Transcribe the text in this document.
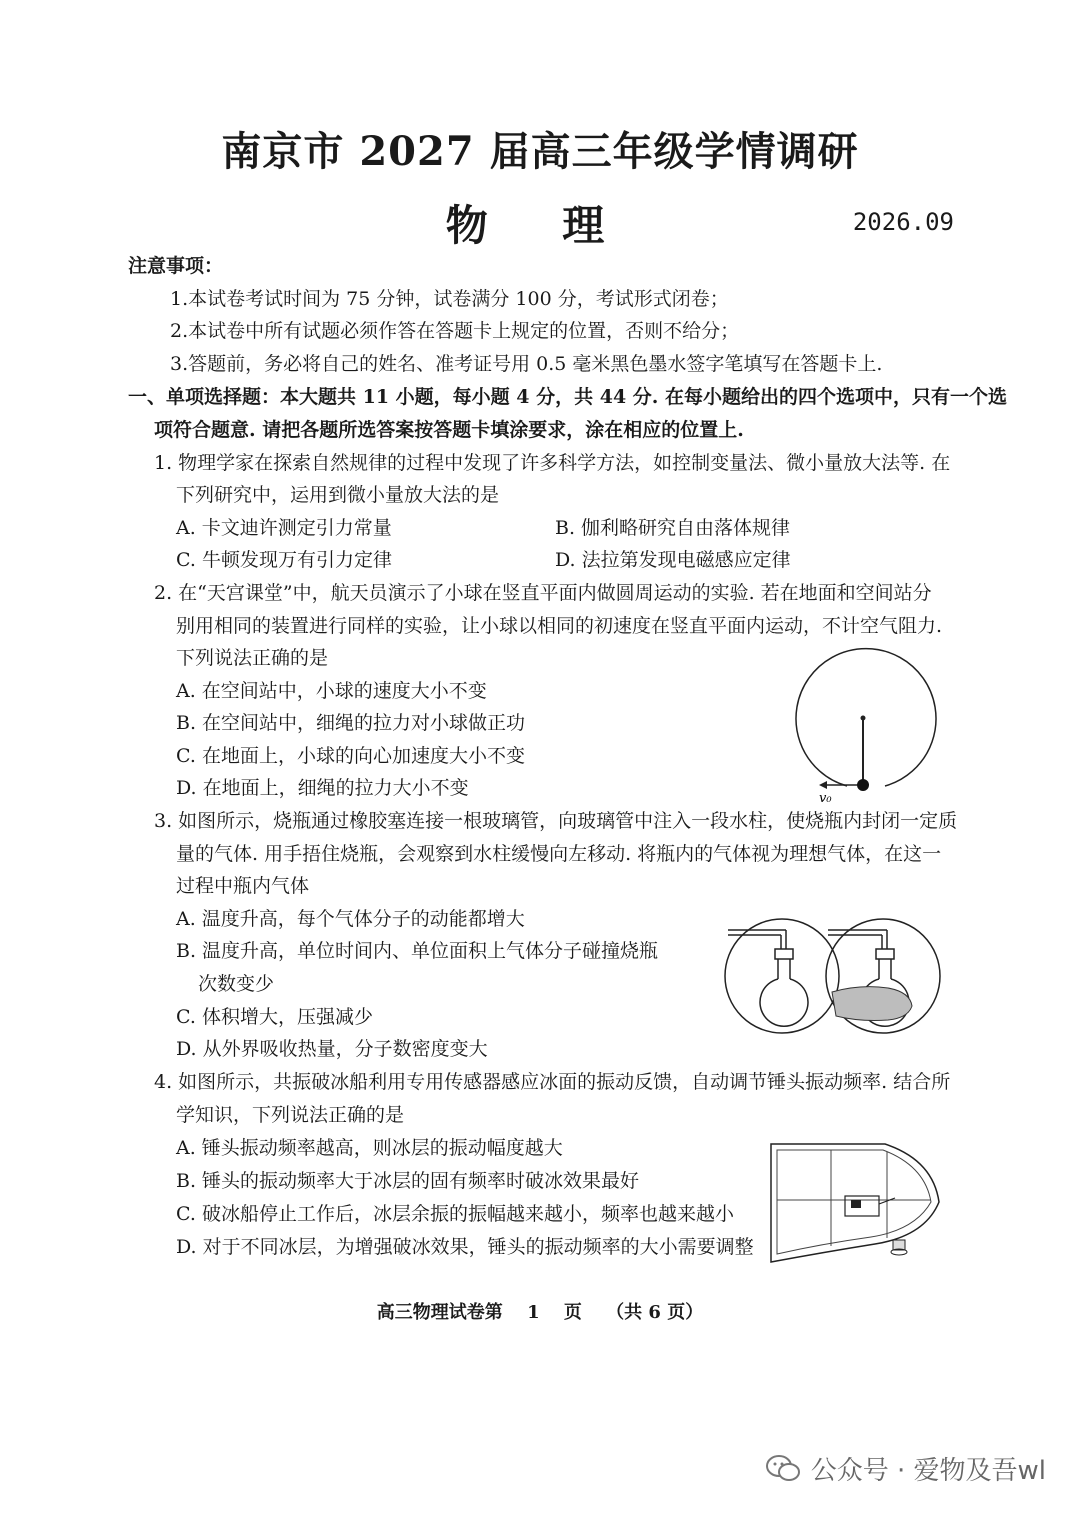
南京市 2027 届高三年级学情调研
物 理	2026.09
注意事项：
1.本试卷考试时间为 75 分钟，试卷满分 100 分，考试形式闭卷；
2.本试卷中所有试题必须作答在答题卡上规定的位置，否则不给分；
3.答题前，务必将自己的姓名、准考证号用 0.5 毫米黑色墨水签字笔填写在答题卡上.
一、单项选择题：本大题共 11 小题，每小题 4 分，共 44 分. 在每小题给出的四个选项中，只有一个选
项符合题意. 请把各题所选答案按答题卡填涂要求，涂在相应的位置上.
1. 物理学家在探索自然规律的过程中发现了许多科学方法，如控制变量法、微小量放大法等. 在
下列研究中，运用到微小量放大法的是
A. 卡文迪许测定引力常量	B. 伽利略研究自由落体规律
C. 牛顿发现万有引力定律	D. 法拉第发现电磁感应定律
2. 在“天宫课堂”中，航天员演示了小球在竖直平面内做圆周运动的实验. 若在地面和空间站分
别用相同的装置进行同样的实验，让小球以相同的初速度在竖直平面内运动，不计空气阻力.
下列说法正确的是
A. 在空间站中，小球的速度大小不变
B. 在空间站中，细绳的拉力对小球做正功
C. 在地面上，小球的向心加速度大小不变
D. 在地面上，细绳的拉力大小不变	v₀
3. 如图所示，烧瓶通过橡胶塞连接一根玻璃管，向玻璃管中注入一段水柱，使烧瓶内封闭一定质
量的气体. 用手捂住烧瓶，会观察到水柱缓慢向左移动. 将瓶内的气体视为理想气体，在这一
过程中瓶内气体
A. 温度升高，每个气体分子的动能都增大
B. 温度升高，单位时间内、单位面积上气体分子碰撞烧瓶
次数变少
C. 体积增大，压强减少
D. 从外界吸收热量，分子数密度变大
4. 如图所示，共振破冰船利用专用传感器感应冰面的振动反馈，自动调节锤头振动频率. 结合所
学知识，下列说法正确的是
A. 锤头振动频率越高，则冰层的振动幅度越大
B. 锤头的振动频率大于冰层的固有频率时破冰效果最好
C. 破冰船停止工作后，冰层余振的振幅越来越小，频率也越来越小
D. 对于不同冰层，为增强破冰效果，锤头的振动频率的大小需要调整
高三物理试卷第 1 页 （共 6 页）
公众号 · 爱物及吾wl
